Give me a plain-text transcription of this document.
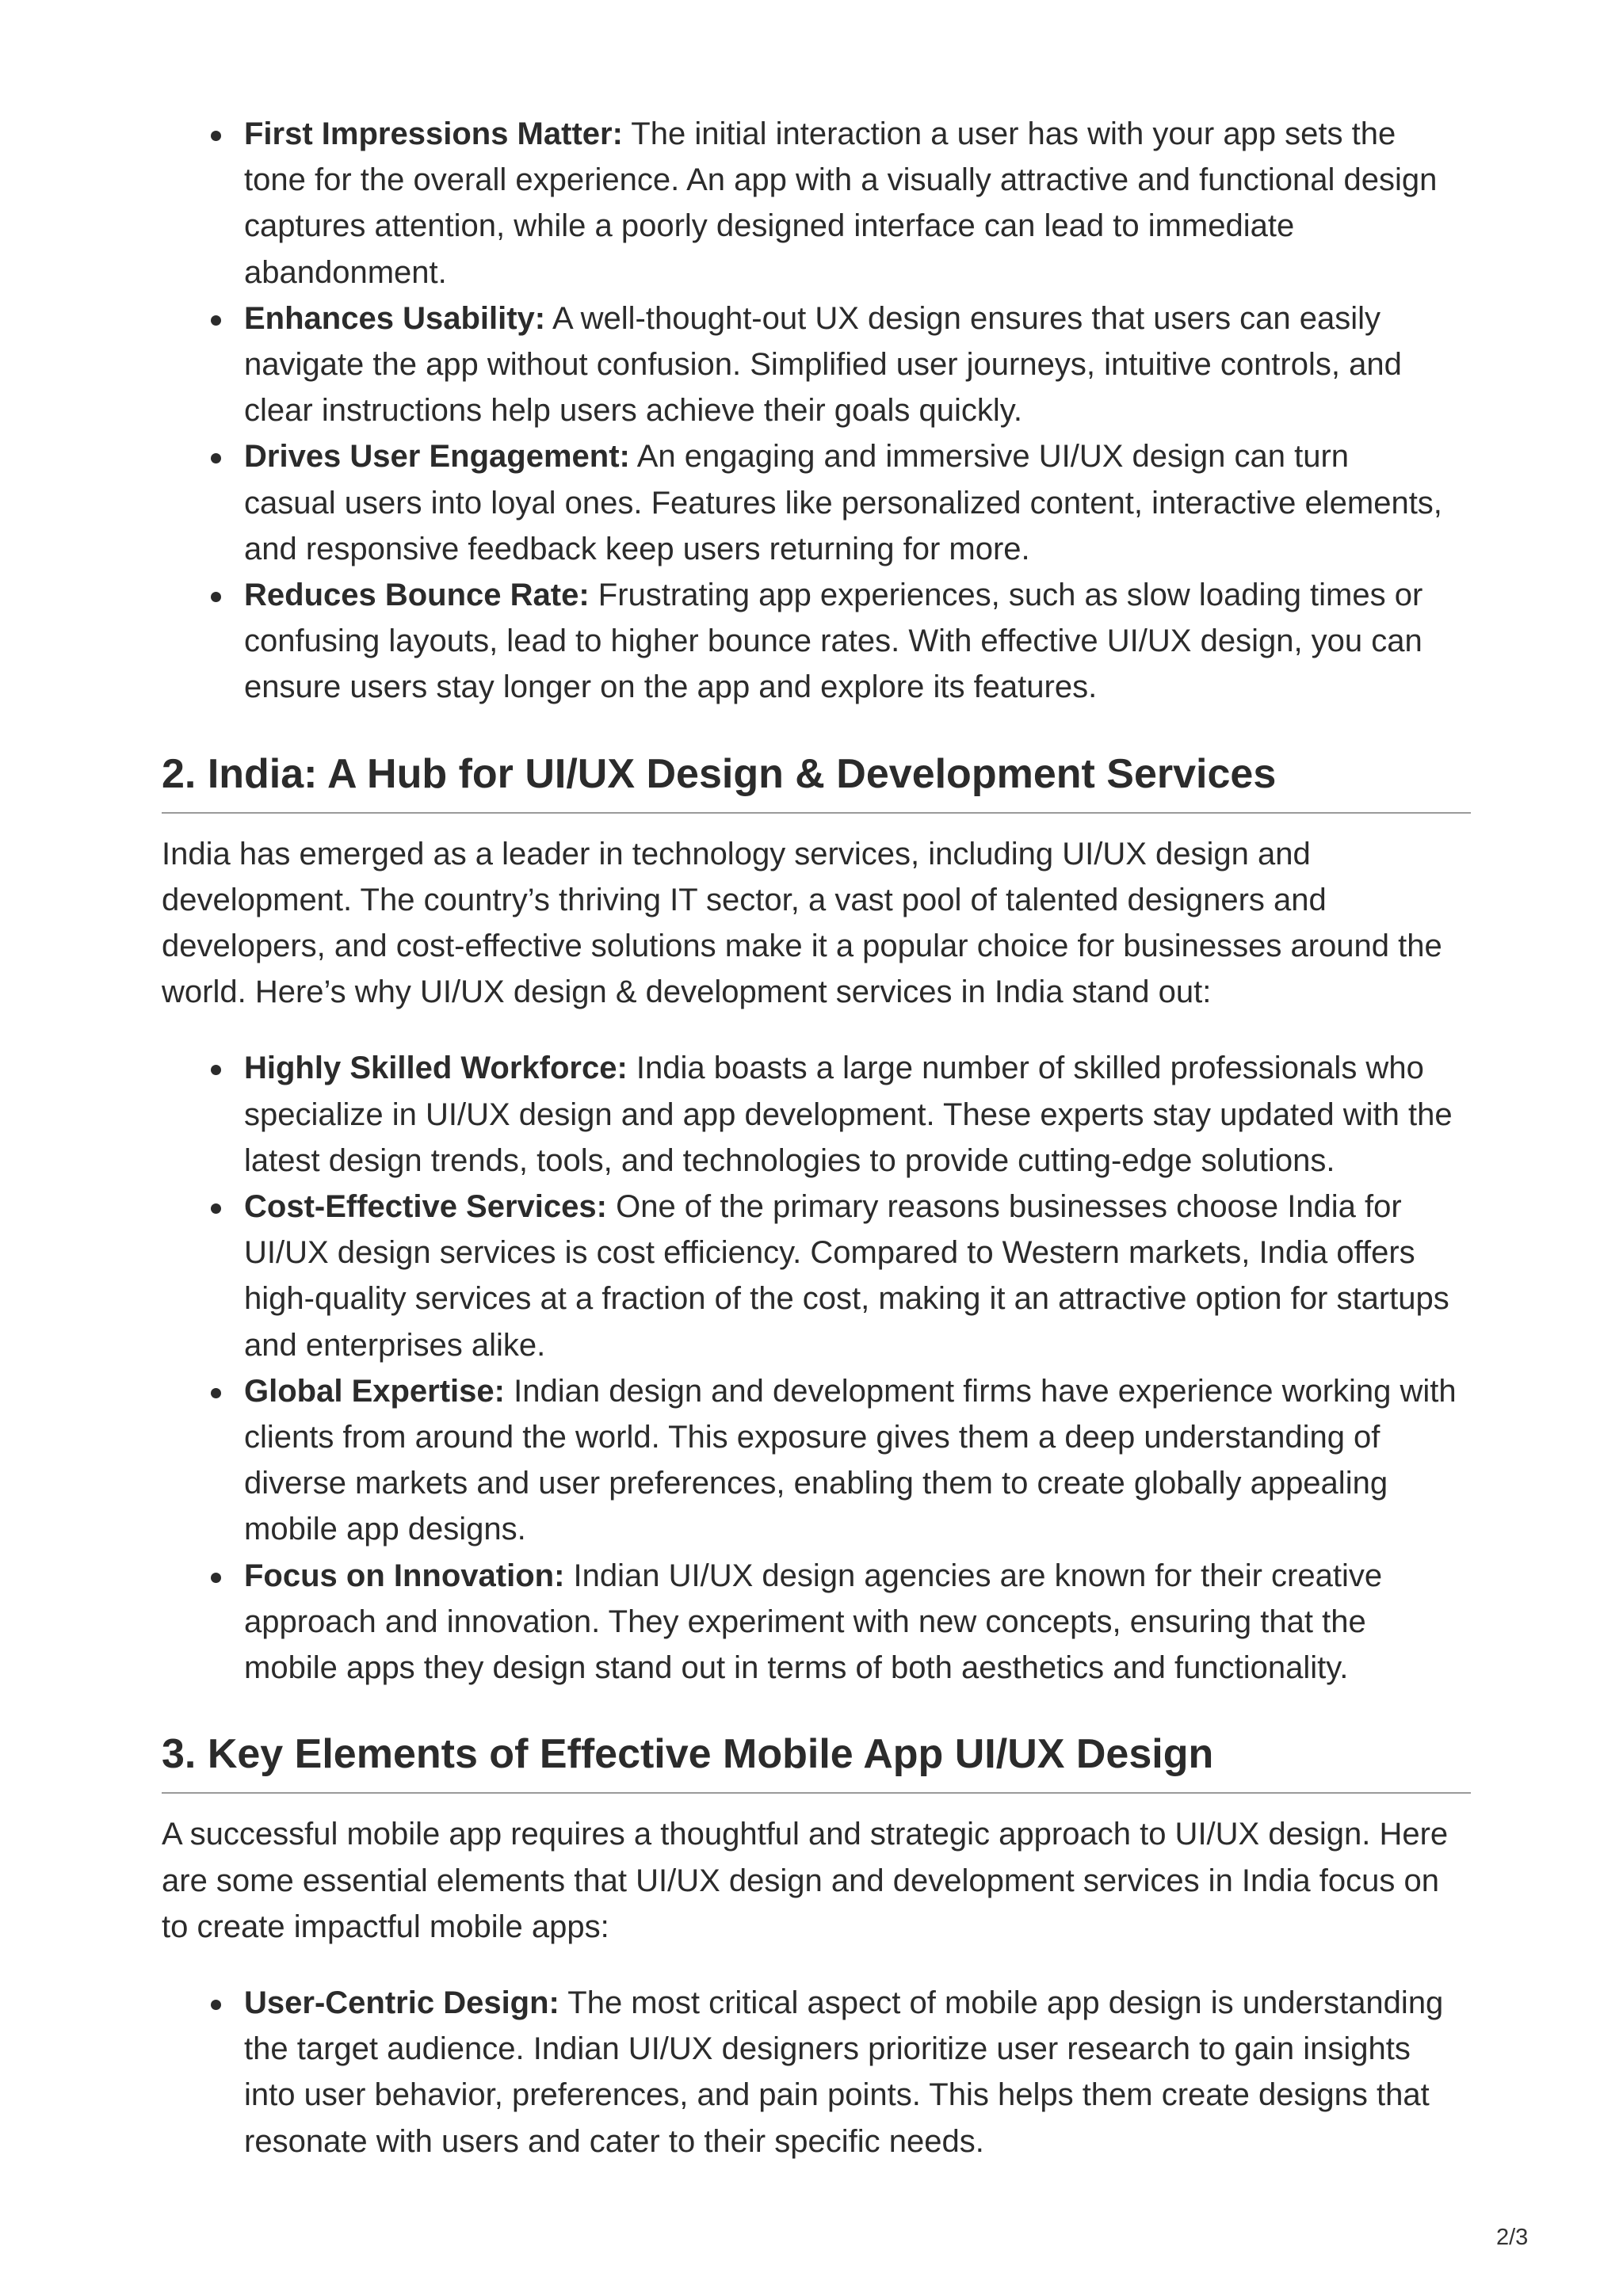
First Impressions Matter: The initial interaction a user has with your app sets the tone for the overall experience. An app with a visually attractive and functional design captures attention, while a poorly designed interface can lead to immediate abandonment.
Enhances Usability: A well-thought-out UX design ensures that users can easily navigate the app without confusion. Simplified user journeys, intuitive controls, and clear instructions help users achieve their goals quickly.
Drives User Engagement: An engaging and immersive UI/UX design can turn casual users into loyal ones. Features like personalized content, interactive elements, and responsive feedback keep users returning for more.
Reduces Bounce Rate: Frustrating app experiences, such as slow loading times or confusing layouts, lead to higher bounce rates. With effective UI/UX design, you can ensure users stay longer on the app and explore its features.
2. India: A Hub for UI/UX Design & Development Services

India has emerged as a leader in technology services, including UI/UX design and development. The country’s thriving IT sector, a vast pool of talented designers and developers, and cost-effective solutions make it a popular choice for businesses around the world. Here’s why UI/UX design & development services in India stand out:

Highly Skilled Workforce: India boasts a large number of skilled professionals who specialize in UI/UX design and app development. These experts stay updated with the latest design trends, tools, and technologies to provide cutting-edge solutions.
Cost-Effective Services: One of the primary reasons businesses choose India for UI/UX design services is cost efficiency. Compared to Western markets, India offers high-quality services at a fraction of the cost, making it an attractive option for startups and enterprises alike.
Global Expertise: Indian design and development firms have experience working with clients from around the world. This exposure gives them a deep understanding of diverse markets and user preferences, enabling them to create globally appealing mobile app designs.
Focus on Innovation: Indian UI/UX design agencies are known for their creative approach and innovation. They experiment with new concepts, ensuring that the mobile apps they design stand out in terms of both aesthetics and functionality.
3. Key Elements of Effective Mobile App UI/UX Design

A successful mobile app requires a thoughtful and strategic approach to UI/UX design. Here are some essential elements that UI/UX design and development services in India focus on to create impactful mobile apps:

User-Centric Design: The most critical aspect of mobile app design is understanding the target audience. Indian UI/UX designers prioritize user research to gain insights into user behavior, preferences, and pain points. This helps them create designs that resonate with users and cater to their specific needs.
2/3
